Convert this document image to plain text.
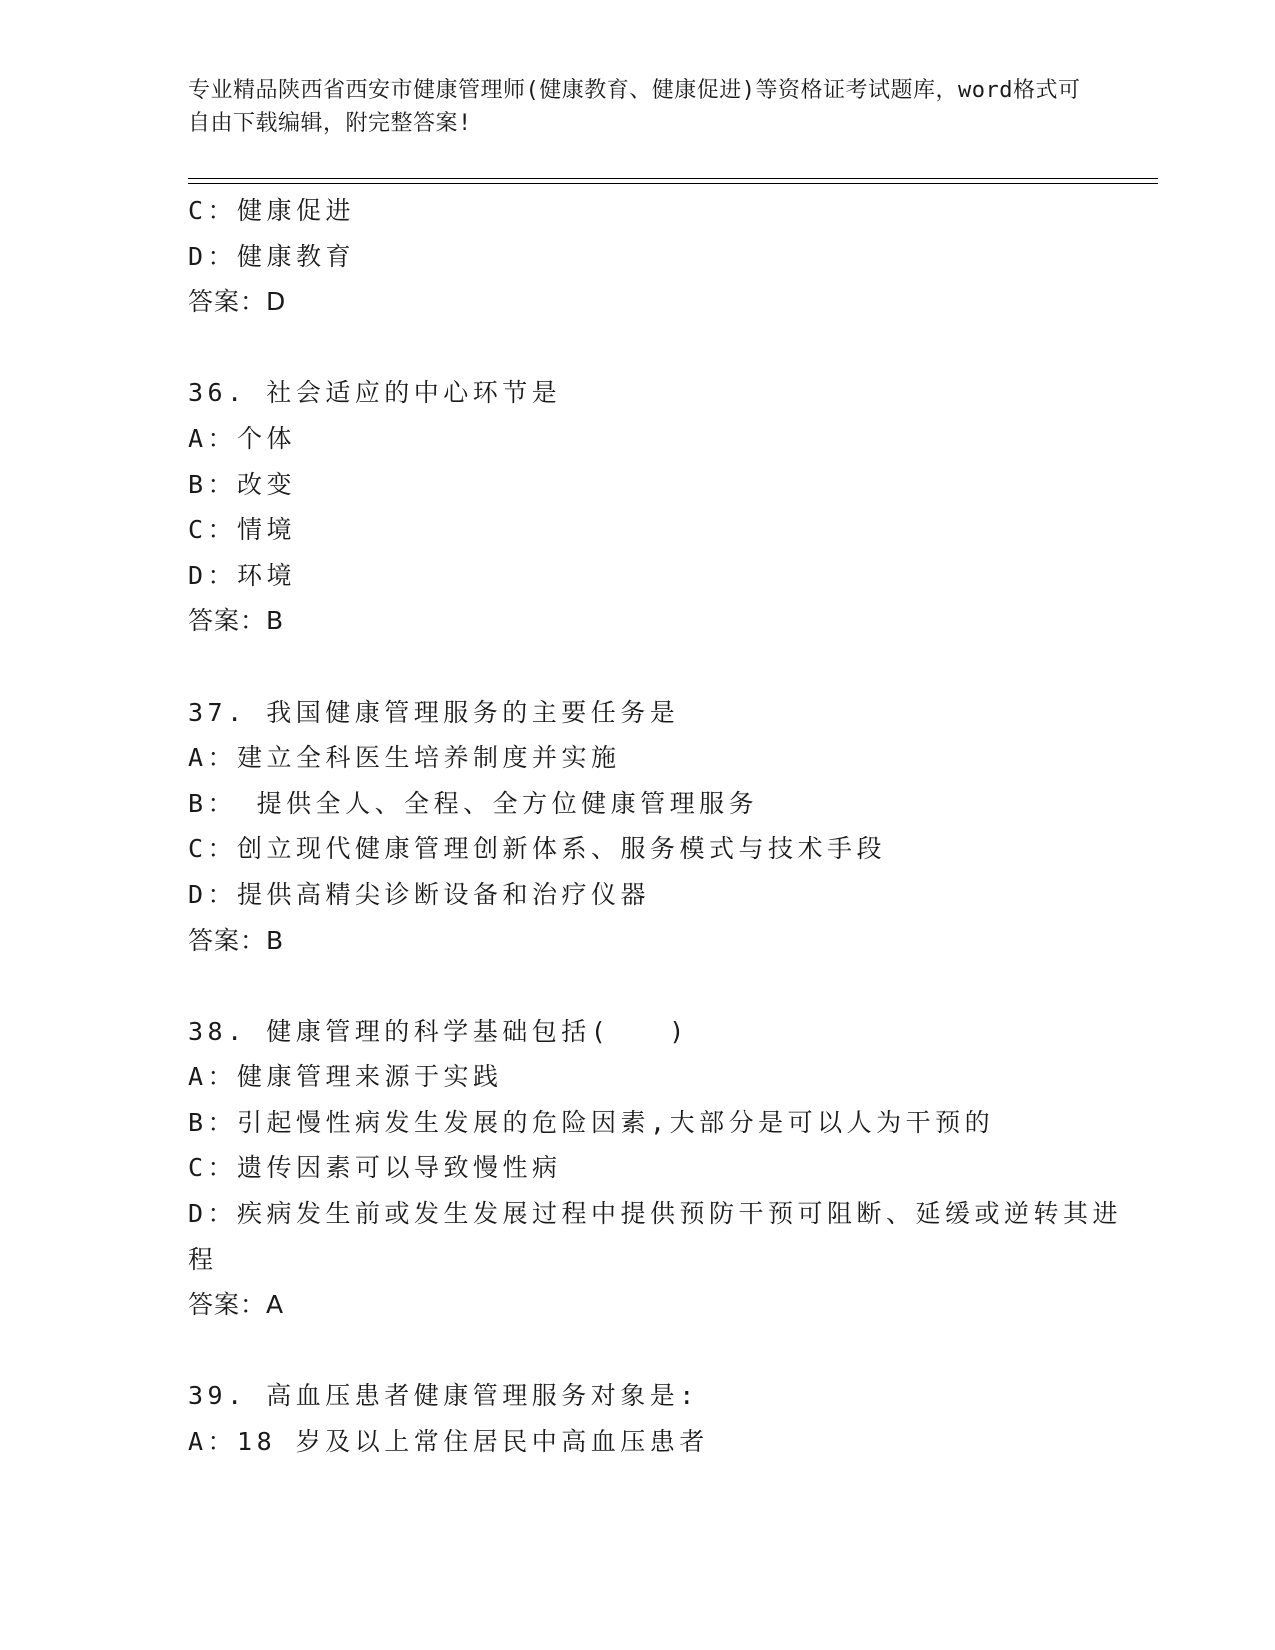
专业精品陕西省西安市健康管理师(健康教育、健康促进)等资格证考试题库，word格式可自由下载编辑，附完整答案!
C：健康促进
D：健康教育
答案：D
36. 社会适应的中心环节是
A：个体
B：改变
C：情境
D：环境
答案：B
37. 我国健康管理服务的主要任务是
A：建立全科医生培养制度并实施
B： 提供全人、全程、全方位健康管理服务
C：创立现代健康管理创新体系、服务模式与技术手段
D：提供高精尖诊断设备和治疗仪器
答案：B
38. 健康管理的科学基础包括(　　)
A：健康管理来源于实践
B：引起慢性病发生发展的危险因素,大部分是可以人为干预的
C：遗传因素可以导致慢性病
D：疾病发生前或发生发展过程中提供预防干预可阻断、延缓或逆转其进程
答案：A
39. 高血压患者健康管理服务对象是:
A：18 岁及以上常住居民中高血压患者
